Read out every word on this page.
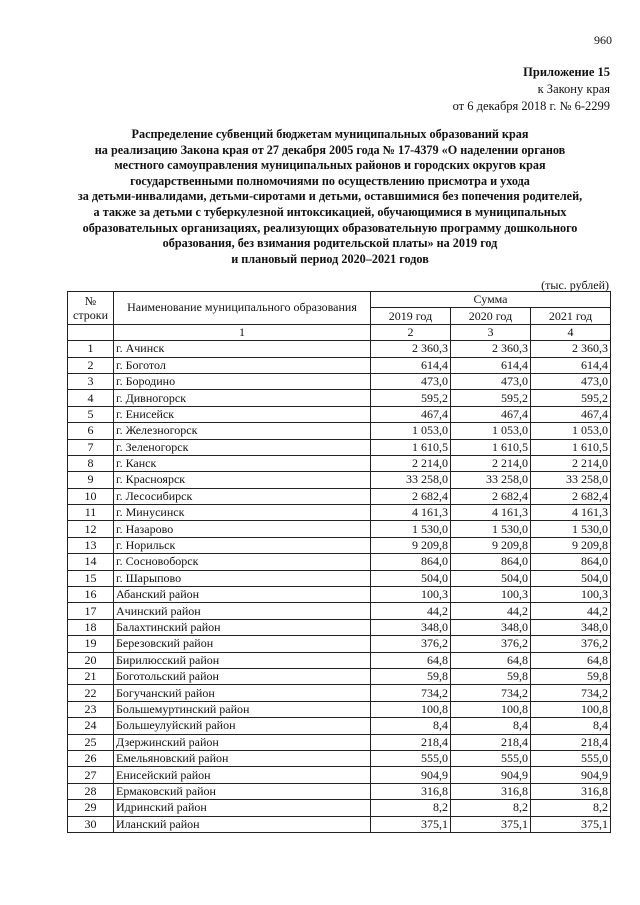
960
Приложение 15
к Закону края
от 6 декабря 2018 г. № 6-2299
Распределение субвенций бюджетам муниципальных образований края
на реализацию Закона края от 27 декабря 2005 года № 17-4379 «О наделении органов
местного самоуправления муниципальных районов и городских округов края
государственными полномочиями по осуществлению присмотра и ухода
за детьми-инвалидами, детьми-сиротами и детьми, оставшимися без попечения родителей,
а также за детьми с туберкулезной интоксикацией, обучающимися в муниципальных
образовательных организациях, реализующих образовательную программу дошкольного
образования, без взимания родительской платы» на 2019 год
и плановый период 2020–2021 годов
(тыс. рублей)
№
строки	Наименование муниципального образования	Сумма		
		2019 год	2020 год	2021 год
	1	2	3	4
1	г. Ачинск	2 360,3	2 360,3	2 360,3
2	г. Боготол	614,4	614,4	614,4
3	г. Бородино	473,0	473,0	473,0
4	г. Дивногорск	595,2	595,2	595,2
5	г. Енисейск	467,4	467,4	467,4
6	г. Железногорск	1 053,0	1 053,0	1 053,0
7	г. Зеленогорск	1 610,5	1 610,5	1 610,5
8	г. Канск	2 214,0	2 214,0	2 214,0
9	г. Красноярск	33 258,0	33 258,0	33 258,0
10	г. Лесосибирск	2 682,4	2 682,4	2 682,4
11	г. Минусинск	4 161,3	4 161,3	4 161,3
12	г. Назарово	1 530,0	1 530,0	1 530,0
13	г. Норильск	9 209,8	9 209,8	9 209,8
14	г. Сосновоборск	864,0	864,0	864,0
15	г. Шарыпово	504,0	504,0	504,0
16	Абанский район	100,3	100,3	100,3
17	Ачинский район	44,2	44,2	44,2
18	Балахтинский район	348,0	348,0	348,0
19	Березовский район	376,2	376,2	376,2
20	Бирилюсский район	64,8	64,8	64,8
21	Боготольский район	59,8	59,8	59,8
22	Богучанский район	734,2	734,2	734,2
23	Большемуртинский район	100,8	100,8	100,8
24	Большеулуйский район	8,4	8,4	8,4
25	Дзержинский район	218,4	218,4	218,4
26	Емельяновский район	555,0	555,0	555,0
27	Енисейский район	904,9	904,9	904,9
28	Ермаковский район	316,8	316,8	316,8
29	Идринский район	8,2	8,2	8,2
30	Иланский район	375,1	375,1	375,1
